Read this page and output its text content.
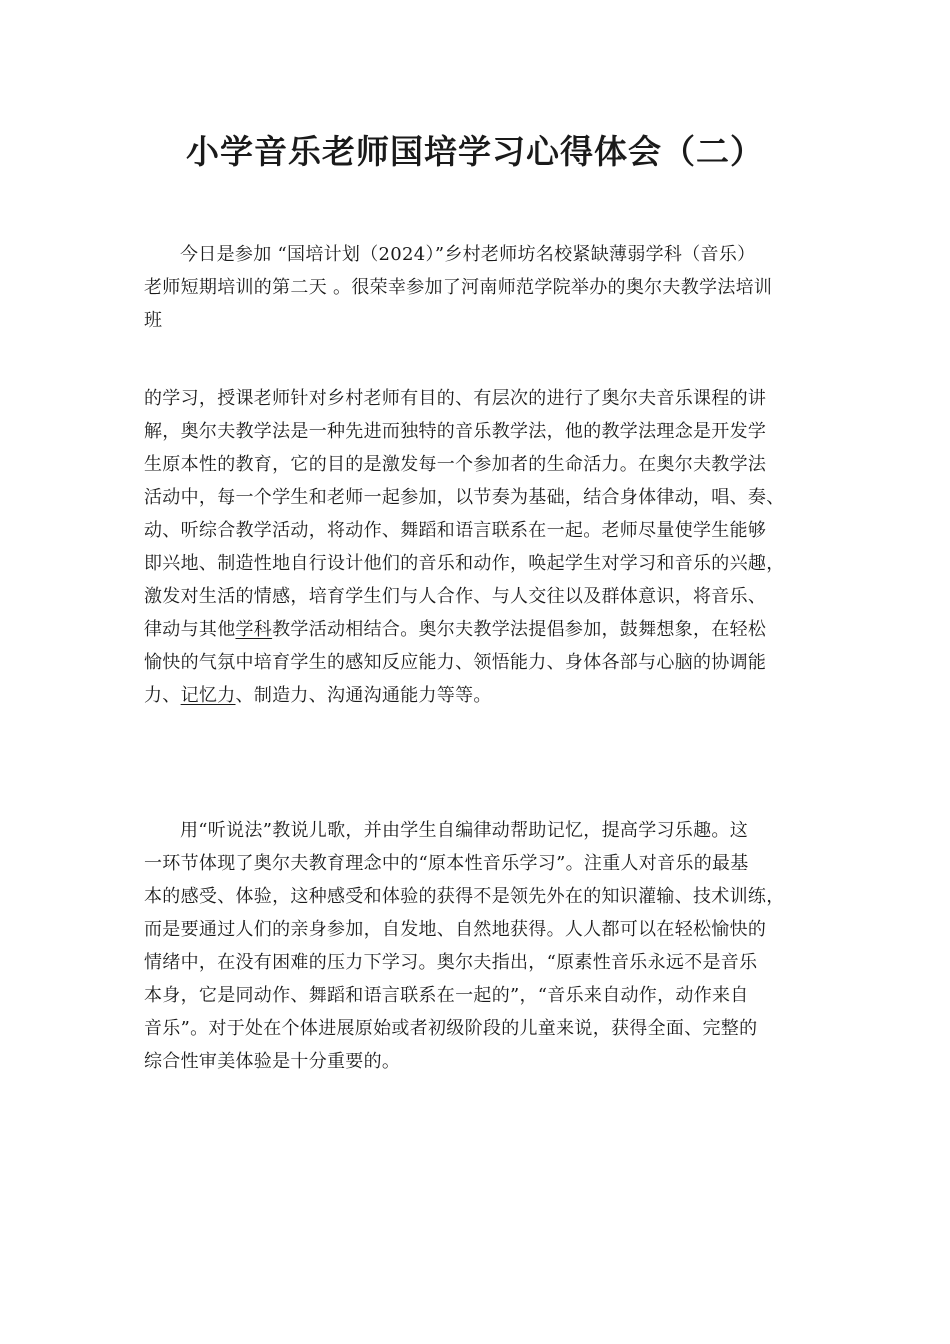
小学音乐老师国培学习心得体会（二）

今日是参加 “国培计划（2024）”乡村老师坊名校紧缺薄弱学科（音乐）
老师短期培训的第二天 。很荣幸参加了河南师范学院举办的奥尔夫教学法培训
班

的学习，授课老师针对乡村老师有目的、有层次的进行了奥尔夫音乐课程的讲
解，奥尔夫教学法是一种先进而独特的音乐教学法，他的教学法理念是开发学
生原本性的教育，它的目的是激发每一个参加者的生命活力。在奥尔夫教学法
活动中，每一个学生和老师一起参加，以节奏为基础，结合身体律动，唱、奏、
动、听综合教学活动，将动作、舞蹈和语言联系在一起。老师尽量使学生能够
即兴地、制造性地自行设计他们的音乐和动作，唤起学生对学习和音乐的兴趣，
激发对生活的情感，培育学生们与人合作、与人交往以及群体意识，将音乐、
律动与其他学科教学活动相结合。奥尔夫教学法提倡参加，鼓舞想象，在轻松
愉快的气氛中培育学生的感知反应能力、领悟能力、身体各部与心脑的协调能
力、记忆力、制造力、沟通沟通能力等等。

用“听说法”教说儿歌，并由学生自编律动帮助记忆，提高学习乐趣。这
一环节体现了奥尔夫教育理念中的“原本性音乐学习”。注重人对音乐的最基
本的感受、体验，这种感受和体验的获得不是领先外在的知识灌输、技术训练，
而是要通过人们的亲身参加，自发地、自然地获得。人人都可以在轻松愉快的
情绪中，在没有困难的压力下学习。奥尔夫指出，“原素性音乐永远不是音乐
本身，它是同动作、舞蹈和语言联系在一起的”，“音乐来自动作，动作来自
音乐”。对于处在个体进展原始或者初级阶段的儿童来说，获得全面、完整的
综合性审美体验是十分重要的。
